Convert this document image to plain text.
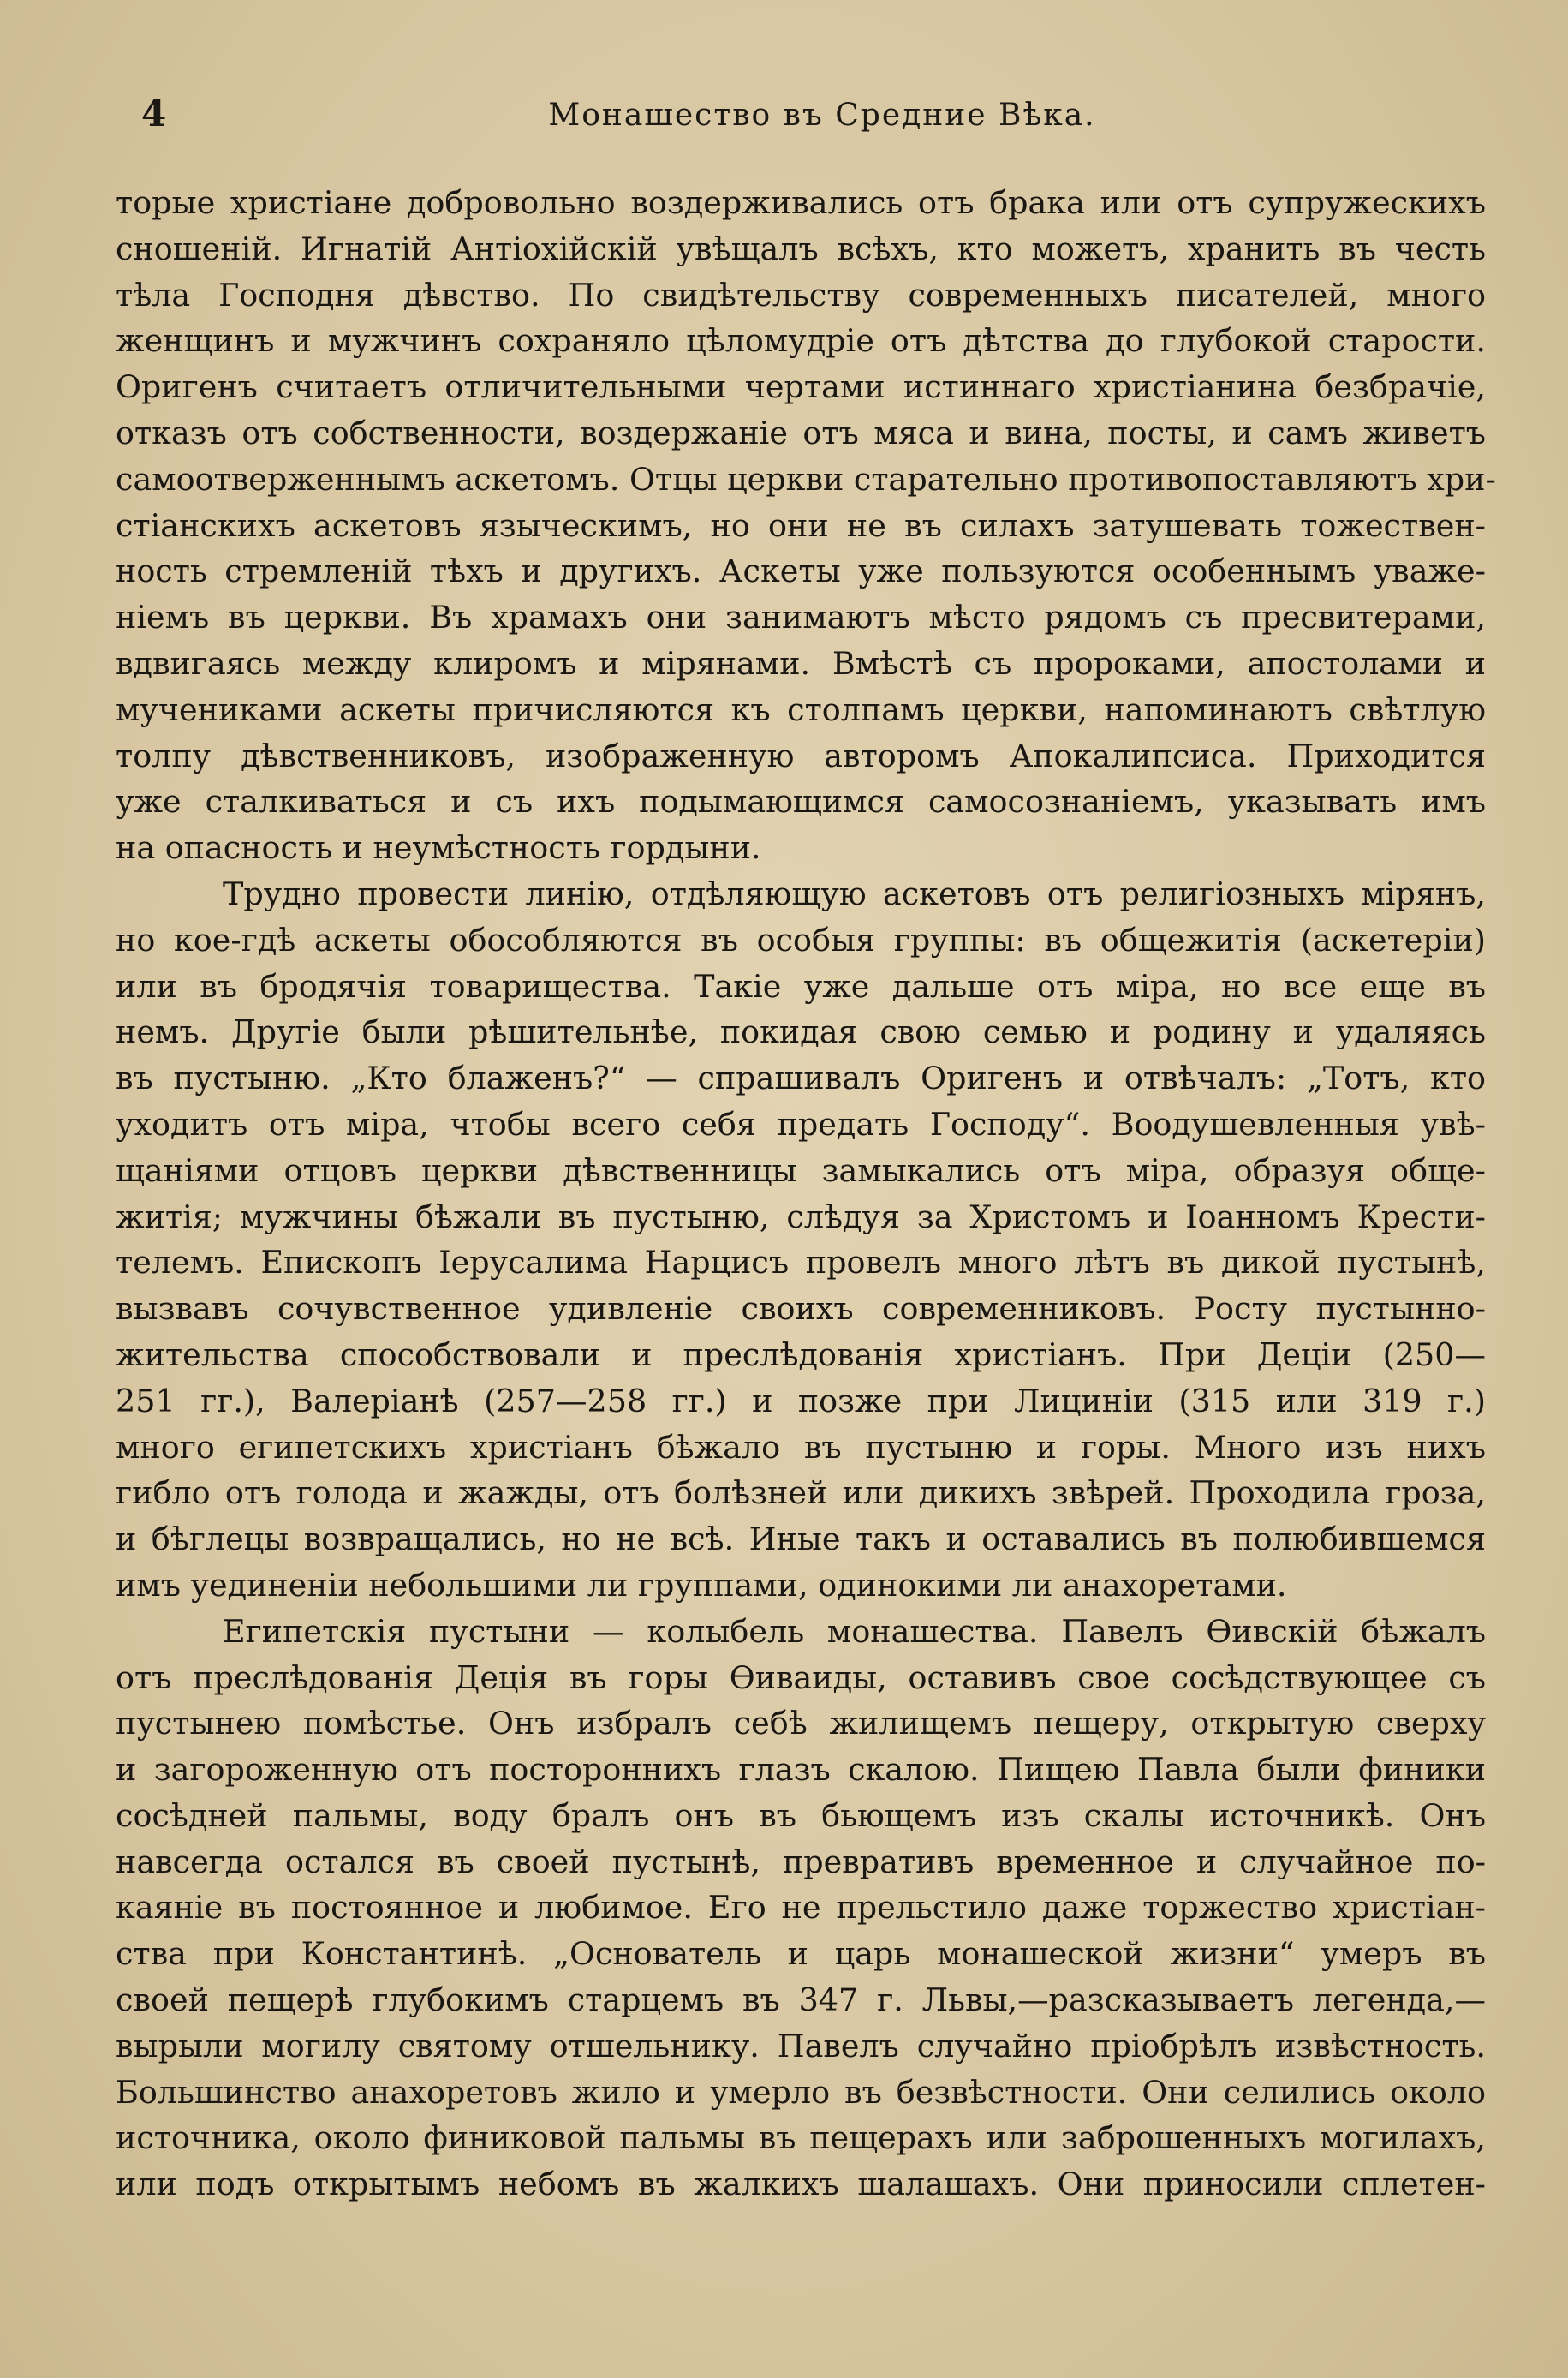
4	Монашество въ Средние Вѣка.
торые христiане добровольно воздерживались отъ брака или отъ супружескихъ
сношенiй. Игнатiй Антiохiйскiй увѣщалъ всѣхъ, кто можетъ, хранить въ честь
тѣла Господня дѣвство. По свидѣтельству современныхъ писателей, много
женщинъ и мужчинъ сохраняло цѣломудрiе отъ дѣтства до глубокой старости.
Оригенъ считаетъ отличительными чертами истиннаго христiанина безбрачiе,
отказъ отъ собственности, воздержанiе отъ мяса и вина, посты, и самъ живетъ
самоотверженнымъ аскетомъ. Отцы церкви старательно противопоставляютъ хри-
стiанскихъ аскетовъ языческимъ, но они не въ силахъ затушевать тожествен-
ность стремленiй тѣхъ и другихъ. Аскеты уже пользуются особеннымъ уваже-
нiемъ въ церкви. Въ храмахъ они занимаютъ мѣсто рядомъ съ пресвитерами,
вдвигаясь между клиромъ и мiрянами. Вмѣстѣ съ пророками, апостолами и
мучениками аскеты причисляются къ столпамъ церкви, напоминаютъ свѣтлую
толпу дѣвственниковъ, изображенную авторомъ Апокалипсиса. Приходится
уже сталкиваться и съ ихъ подымающимся самосознанiемъ, указывать имъ
на опасность и неумѣстность гордыни.
Трудно провести линiю, отдѣляющую аскетовъ отъ религiозныхъ мiрянъ,
но кое-гдѣ аскеты обособляются въ особыя группы: въ общежитiя (аскетерiи)
или въ бродячiя товарищества. Такiе уже дальше отъ мiра, но все еще въ
немъ. Другiе были рѣшительнѣе, покидая свою семью и родину и удаляясь
въ пустыню. „Кто блаженъ?“ — спрашивалъ Оригенъ и отвѣчалъ: „Тотъ, кто
уходитъ отъ мiра, чтобы всего себя предать Господу“. Воодушевленныя увѣ-
щанiями отцовъ церкви дѣвственницы замыкались отъ мiра, образуя обще-
житiя; мужчины бѣжали въ пустыню, слѣдуя за Христомъ и Iоанномъ Крести-
телемъ. Епископъ Iерусалима Нарцисъ провелъ много лѣтъ въ дикой пустынѣ,
вызвавъ сочувственное удивленiе своихъ современниковъ. Росту пустынно-
жительства способствовали и преслѣдованiя христiанъ. При Децiи (250—
251 гг.), Валерiанѣ (257—258 гг.) и позже при Лицинiи (315 или 319 г.)
много египетскихъ христiанъ бѣжало въ пустыню и горы. Много изъ нихъ
гибло отъ голода и жажды, отъ болѣзней или дикихъ звѣрей. Проходила гроза,
и бѣглецы возвращались, но не всѣ. Иные такъ и оставались въ полюбившемся
имъ уединенiи небольшими ли группами, одинокими ли анахоретами.
Египетскiя пустыни — колыбель монашества. Павелъ Өивскiй бѣжалъ
отъ преслѣдованiя Децiя въ горы Өиваиды, оставивъ свое сосѣдствующее съ
пустынею помѣстье. Онъ избралъ себѣ жилищемъ пещеру, открытую сверху
и загороженную отъ постороннихъ глазъ скалою. Пищею Павла были финики
сосѣдней пальмы, воду бралъ онъ въ бьющемъ изъ скалы источникѣ. Онъ
навсегда остался въ своей пустынѣ, превративъ временное и случайное по-
каянiе въ постоянное и любимое. Его не прельстило даже торжество христiан-
ства при Константинѣ. „Основатель и царь монашеской жизни“ умеръ въ
своей пещерѣ глубокимъ старцемъ въ 347 г. Львы,—разсказываетъ легенда,—
вырыли могилу святому отшельнику. Павелъ случайно прiобрѣлъ извѣстность.
Большинство анахоретовъ жило и умерло въ безвѣстности. Они селились около
источника, около финиковой пальмы въ пещерахъ или заброшенныхъ могилахъ,
или подъ открытымъ небомъ въ жалкихъ шалашахъ. Они приносили сплетен-
